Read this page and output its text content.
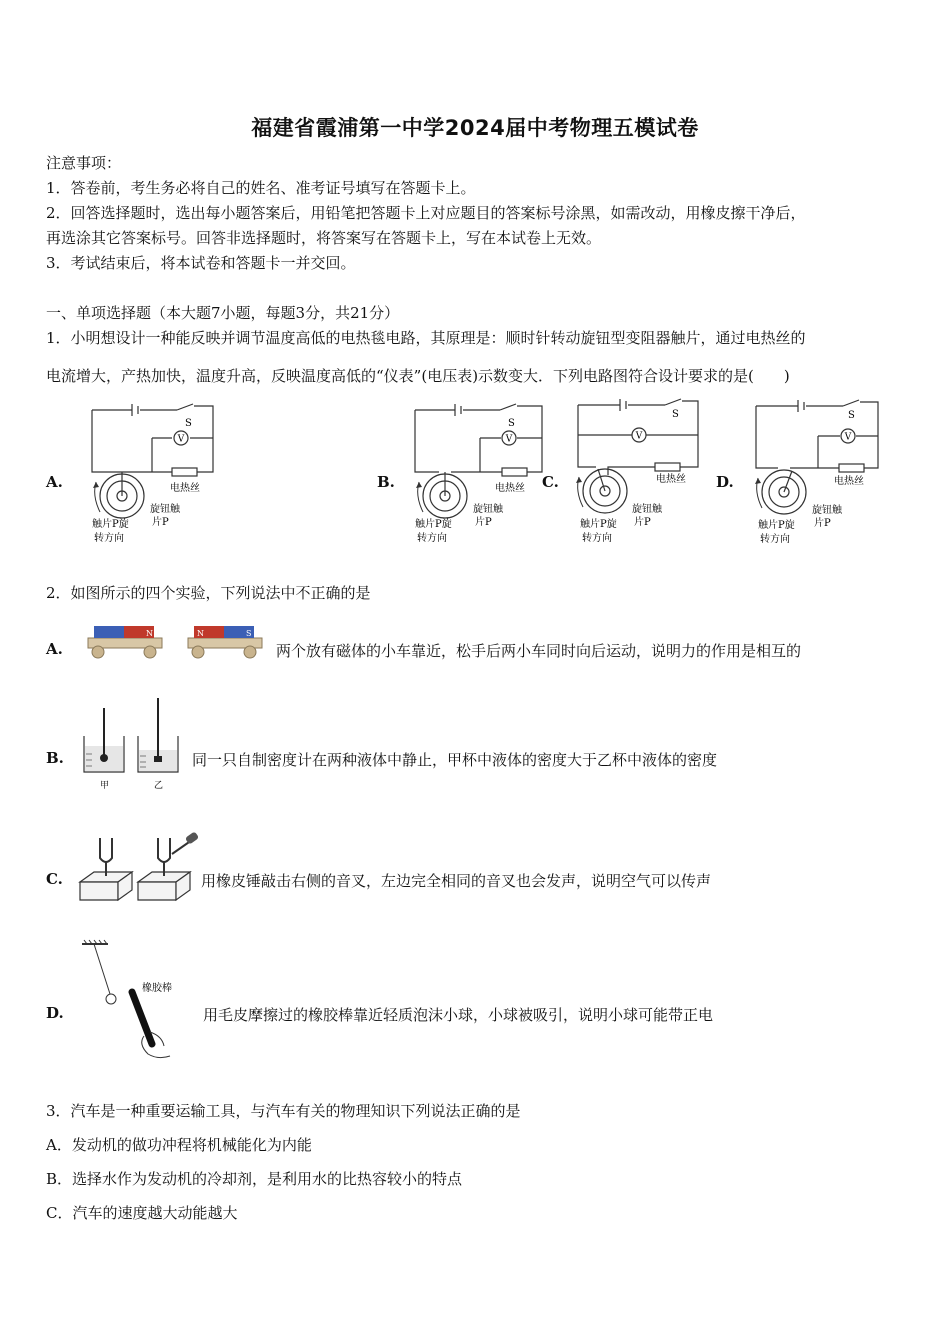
福建省霞浦第一中学2024届中考物理五模试卷
注意事项：
1．答卷前，考生务必将自己的姓名、准考证号填写在答题卡上。
2．回答选择题时，选出每小题答案后，用铅笔把答题卡上对应题目的答案标号涂黑，如需改动，用橡皮擦干净后，
再选涂其它答案标号。回答非选择题时，将答案写在答题卡上，写在本试卷上无效。
3．考试结束后，将本试卷和答题卡一并交回。
一、单项选择题（本大题7小题，每题3分，共21分）
1．小明想设计一种能反映并调节温度高低的电热毯电路，其原理是：顺时针转动旋钮型变阻器触片，通过电热丝的
电流增大，产热加快，温度升高，反映温度高低的“仪表”(电压表)示数变大．下列电路图符合设计要求的是(　　)
A.	B.	C.	D.
V
S
电热丝
旋钮触
片P
触片P旋
转方向
V
S
电热丝
旋钮触
片P
触片P旋
转方向
V
S
电热丝
旋钮触
片P
触片P旋
转方向
V
S
电热丝
旋钮触
片P
触片P旋
转方向
2．如图所示的四个实验，下列说法中不正确的是
A.
N	N	S
两个放有磁体的小车靠近，松手后两小车同时向后运动，说明力的作用是相互的
B.
甲	乙
同一只自制密度计在两种液体中静止，甲杯中液体的密度大于乙杯中液体的密度
C.	用橡皮锤敲击右侧的音叉，左边完全相同的音叉也会发声，说明空气可以传声
D.
橡胶棒
用毛皮摩擦过的橡胶棒靠近轻质泡沫小球，小球被吸引，说明小球可能带正电
3．汽车是一种重要运输工具，与汽车有关的物理知识下列说法正确的是
A．发动机的做功冲程将机械能化为内能
B．选择水作为发动机的冷却剂，是利用水的比热容较小的特点
C．汽车的速度越大动能越大
